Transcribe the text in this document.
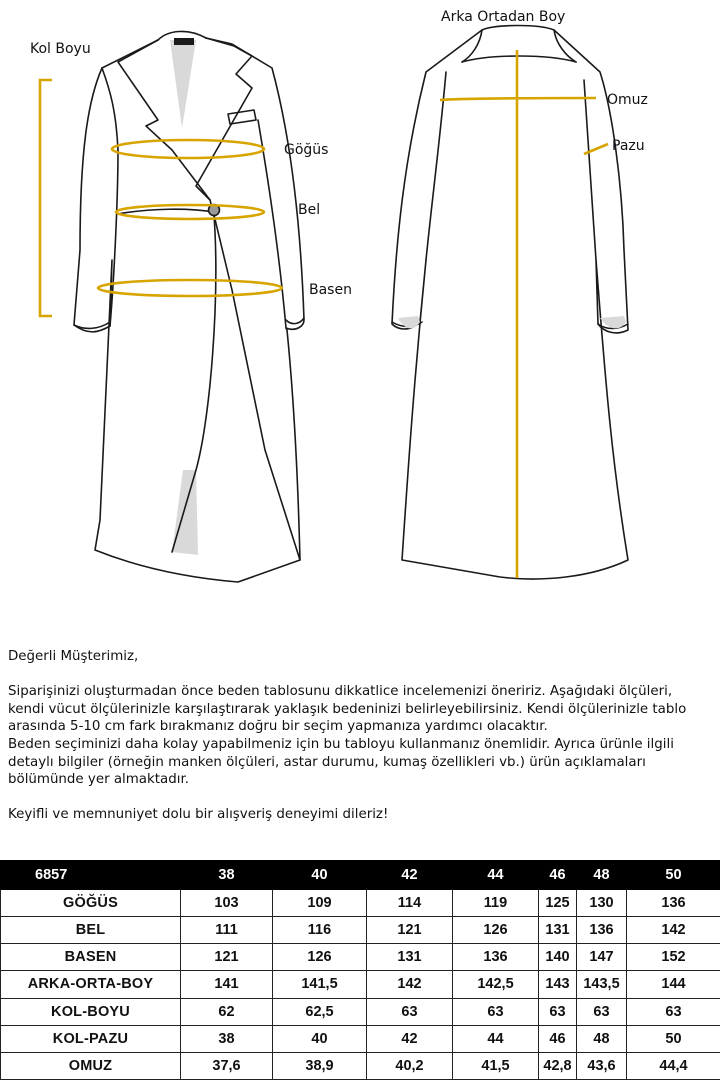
Kol Boyu
Göğüs
Bel
Basen
Arka Ortadan Boy
Omuz
Pazu

Değerli Müşterimiz,

Siparişinizi oluşturmadan önce beden tablosunu dikkatlice incelemenizi öneririz. Aşağıdaki ölçüleri, kendi vücut ölçülerinizle karşılaştırarak yaklaşık bedeninizi belirleyebilirsiniz. Kendi ölçülerinizle tablo arasında 5-10 cm fark bırakmanız doğru bir seçim yapmanıza yardımcı olacaktır.

Beden seçiminizi daha kolay yapabilmeniz için bu tabloyu kullanmanız önemlidir. Ayrıca ürünle ilgili detaylı bilgiler (örneğin manken ölçüleri, astar durumu, kumaş özellikleri vb.) ürün açıklamaları bölümünde yer almaktadır.

Keyifli ve memnuniyet dolu bir alışveriş deneyimi dileriz!

6857	38	40	42	44	46	48	50
GÖĞÜS	103	109	114	119	125	130	136
BEL	111	116	121	126	131	136	142
BASEN	121	126	131	136	140	147	152
ARKA-ORTA-BOY	141	141,5	142	142,5	143	143,5	144
KOL-BOYU	62	62,5	63	63	63	63	63
KOL-PAZU	38	40	42	44	46	48	50
OMUZ	37,6	38,9	40,2	41,5	42,8	43,6	44,4
